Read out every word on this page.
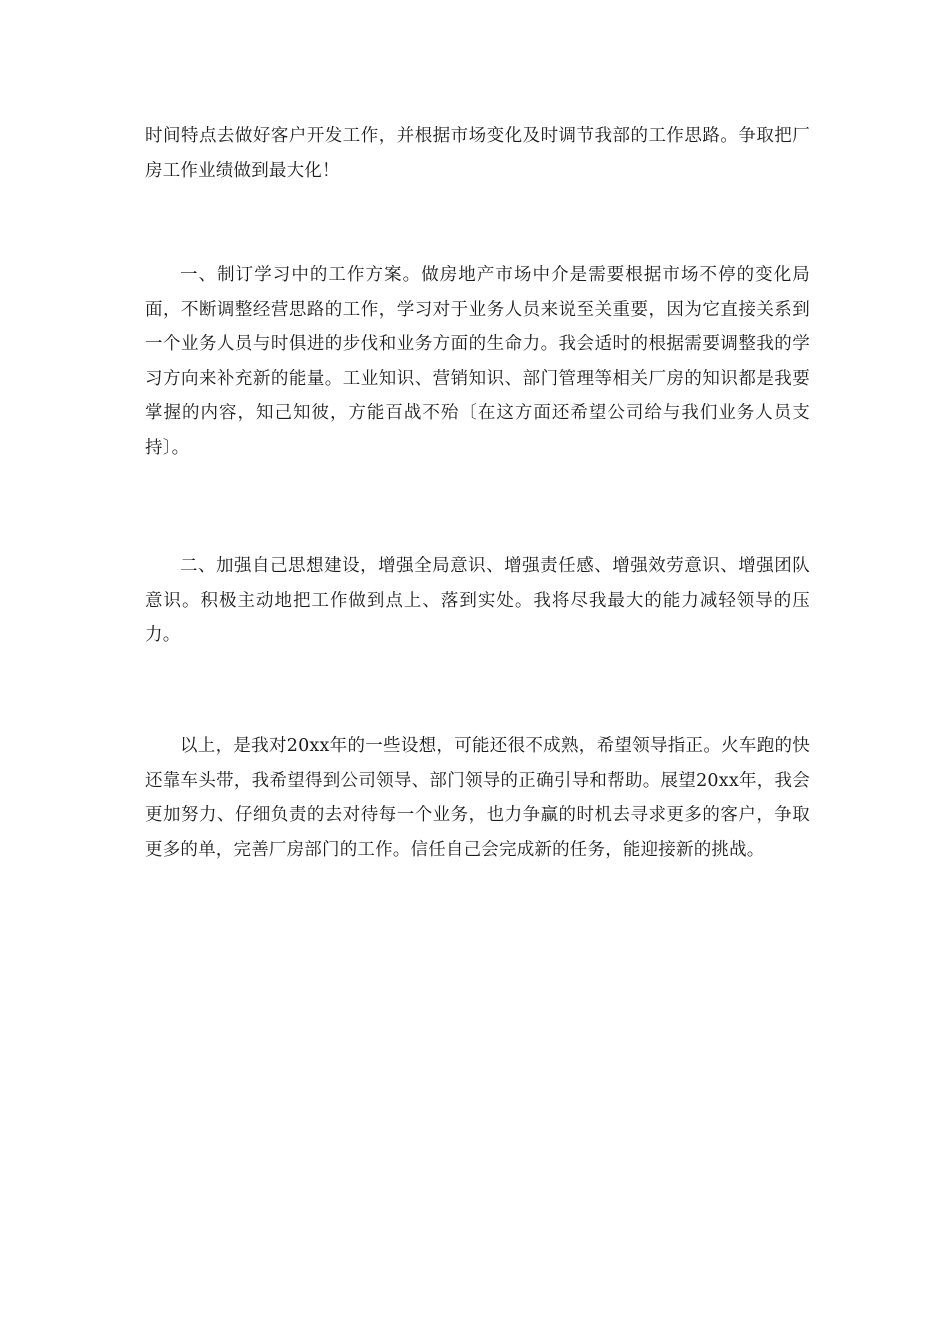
时间特点去做好客户开发工作，并根据市场变化及时调节我部的工作思路。争取把厂房工作业绩做到最大化！

一、制订学习中的工作方案。做房地产市场中介是需要根据市场不停的变化局面，不断调整经营思路的工作，学习对于业务人员来说至关重要，因为它直接关系到一个业务人员与时俱进的步伐和业务方面的生命力。我会适时的根据需要调整我的学习方向来补充新的能量。工业知识、营销知识、部门管理等相关厂房的知识都是我要掌握的内容，知己知彼，方能百战不殆〔在这方面还希望公司给与我们业务人员支持〕。

二、加强自己思想建设，增强全局意识、增强责任感、增强效劳意识、增强团队意识。积极主动地把工作做到点上、落到实处。我将尽我最大的能力减轻领导的压力。

以上，是我对20xx年的一些设想，可能还很不成熟，希望领导指正。火车跑的快还靠车头带，我希望得到公司领导、部门领导的正确引导和帮助。展望20xx年，我会更加努力、仔细负责的去对待每一个业务，也力争赢的时机去寻求更多的客户，争取更多的单，完善厂房部门的工作。信任自己会完成新的任务，能迎接新的挑战。
